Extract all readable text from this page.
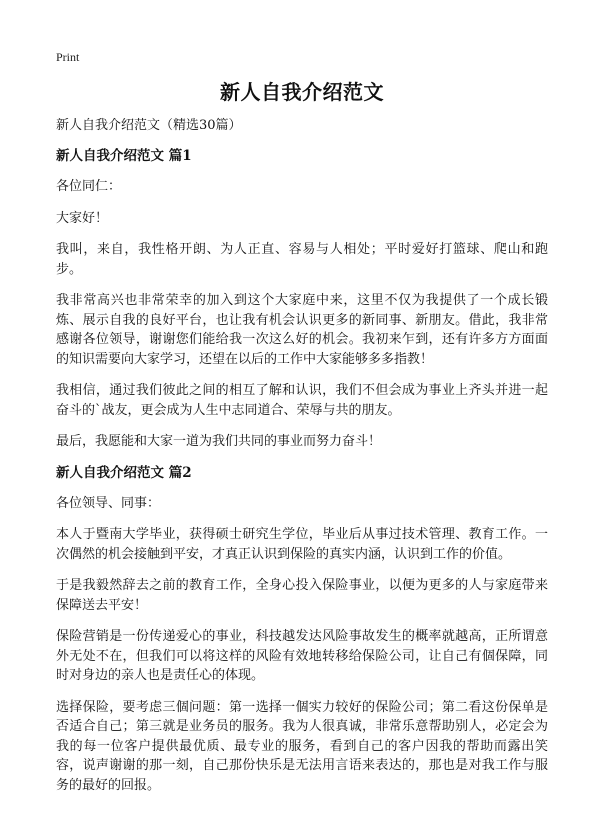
Print
新人自我介绍范文

新人自我介绍范文（精选30篇）

新人自我介绍范文 篇1

各位同仁：

大家好！

我叫，来自，我性格开朗、为人正直、容易与人相处；平时爱好打篮球、爬山和跑步。

我非常高兴也非常荣幸的加入到这个大家庭中来，这里不仅为我提供了一个成长锻炼、展示自我的良好平台，也让我有机会认识更多的新同事、新朋友。借此，我非常感谢各位领导，谢谢您们能给我一次这么好的机会。我初来乍到，还有许多方方面面的知识需要向大家学习，还望在以后的工作中大家能够多多指教！

我相信，通过我们彼此之间的相互了解和认识，我们不但会成为事业上齐头并进一起奋斗的`战友，更会成为人生中志同道合、荣辱与共的朋友。

最后，我愿能和大家一道为我们共同的事业而努力奋斗！

新人自我介绍范文 篇2

各位领导、同事：

本人于暨南大学毕业，获得硕士研究生学位，毕业后从事过技术管理、教育工作。一次偶然的机会接触到平安，才真正认识到保险的真实内涵，认识到工作的价值。

于是我毅然辞去之前的教育工作，全身心投入保险事业，以便为更多的人与家庭带来保障送去平安！

保险营销是一份传递爱心的事业，科技越发达风险事故发生的概率就越高，正所谓意外无处不在，但我们可以将这样的风险有效地转移给保险公司，让自己有個保障，同时对身边的亲人也是责任心的体现。

选择保险，要考虑三個问题：第一选择一個实力较好的保险公司；第二看这份保单是否适合自己；第三就是业务员的服务。我为人很真诚，非常乐意帮助别人，必定会为我的每一位客户提供最优质、最专业的服务，看到自己的客户因我的帮助而露出笑容，说声谢谢的那一刻，自己那份快乐是无法用言语来表达的，那也是对我工作与服务的最好的回报。
